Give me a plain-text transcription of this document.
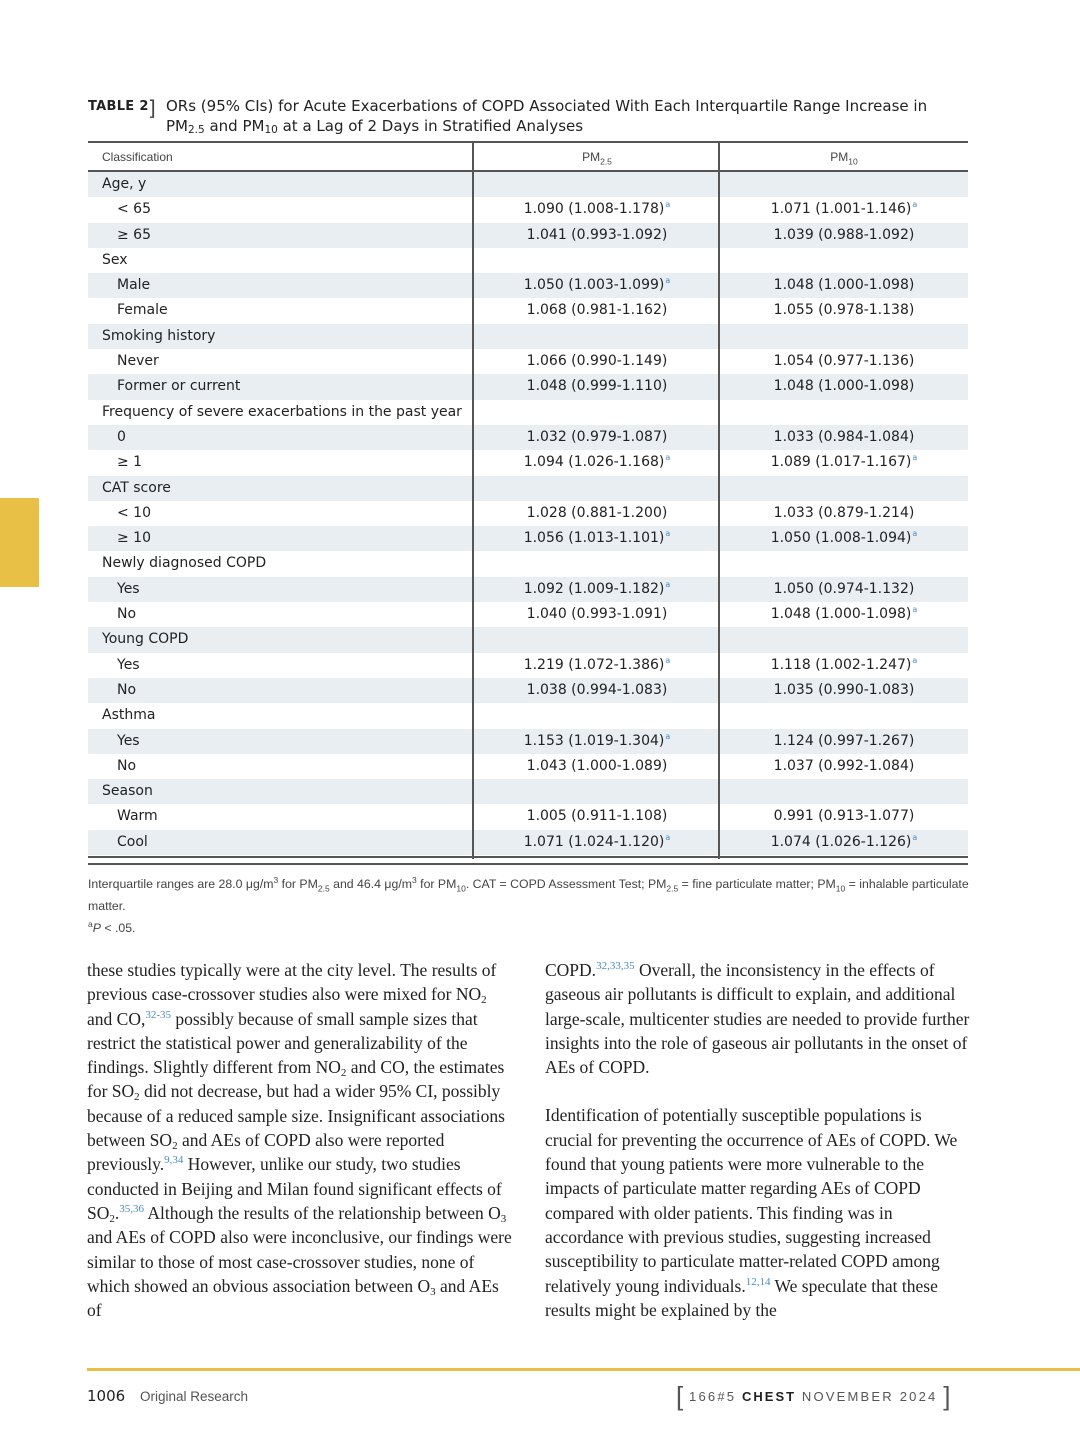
TABLE 2 ] ORs (95% CIs) for Acute Exacerbations of COPD Associated With Each Interquartile Range Increase in
$PM_{2.5}$ and $PM_{10}$ at a Lag of 2 Days in Stratified Analyses
Classification	$PM_{2.5}$	$PM_{10}$
Age, y
< 65	1.090 $(1.008-1.178)^a$	1.071 $(1.001-1.146)^a$
≥ 65	1.041 (0.993-1.092)	1.039 (0.988-1.092)
Sex
Male	1.050 $(1.003-1.099)^a$	1.048 (1.000-1.098)
Female	1.068 (0.981-1.162)	1.055 (0.978-1.138)
Smoking history
Never	1.066 (0.990-1.149)	1.054 (0.977-1.136)
Former or current	1.048 (0.999-1.110)	1.048 (1.000-1.098)
Frequency of severe exacerbations in the past year
0	1.032 (0.979-1.087)	1.033 (0.984-1.084)
≥ 1	1.094 $(1.026-1.168)^a$	1.089 $(1.017-1.167)^a$
CAT score
< 10	1.028 (0.881-1.200)	1.033 (0.879-1.214)
≥ 10	1.056 $(1.013-1.101)^a$	1.050 $(1.008-1.094)^a$
Newly diagnosed COPD
Yes	1.092 $(1.009-1.182)^a$	1.050 (0.974-1.132)
No	1.040 (0.993-1.091)	1.048 $(1.000-1.098)^a$
Young COPD
Yes	1.219 $(1.072-1.386)^a$	1.118 $(1.002-1.247)^a$
No	1.038 (0.994-1.083)	1.035 (0.990-1.083)
Asthma
Yes	1.153 $(1.019-1.304)^a$	1.124 (0.997-1.267)
No	1.043 (1.000-1.089)	1.037 (0.992-1.084)
Season
Warm	1.005 (0.911-1.108)	0.991 (0.913-1.077)
Cool	1.071 $(1.024-1.120)^a$	1.074 $(1.026-1.126)^a$
Interquartile ranges are 28.0 $\mu g/m^3$ for $PM_{2.5}$ and 46.4 $\mu g/m^3$ for $PM_{10}$. CAT = COPD Assessment Test; $PM_{2.5}$ = fine particulate matter; $PM_{10}$ = inhalable particulate matter.
$^a$P < .05.

these studies typically were at the city level. The results of previous case-crossover studies also were mixed for $NO_2$ and CO,$^{32-35}$ possibly because of small sample sizes that restrict the statistical power and generalizability of the findings. Slightly different from $NO_2$ and CO, the estimates for $SO_2$ did not decrease, but had a wider 95% CI, possibly because of a reduced sample size. Insignificant associations between $SO_2$ and AEs of COPD also were reported previously.$^{9,34}$ However, unlike our study, two studies conducted in Beijing and Milan found significant effects of $SO_2.^{35,36}$ Although the results of the relationship between $O_3$ and AEs of COPD also were inconclusive, our findings were similar to those of most case-crossover studies, none of which showed an obvious association between $O_3$ and AEs of

COPD.$^{32,33,35}$ Overall, the inconsistency in the effects of gaseous air pollutants is difficult to explain, and additional large-scale, multicenter studies are needed to provide further insights into the role of gaseous air pollutants in the onset of AEs of COPD.

Identification of potentially susceptible populations is crucial for preventing the occurrence of AEs of COPD. We found that young patients were more vulnerable to the impacts of particulate matter regarding AEs of COPD compared with older patients. This finding was in accordance with previous studies, suggesting increased susceptibility to particulate matter-related COPD among relatively young individuals.$^{12,14}$ We speculate that these results might be explained by the

1006 Original Research	[ 166#5 CHEST NOVEMBER 2024 ]
